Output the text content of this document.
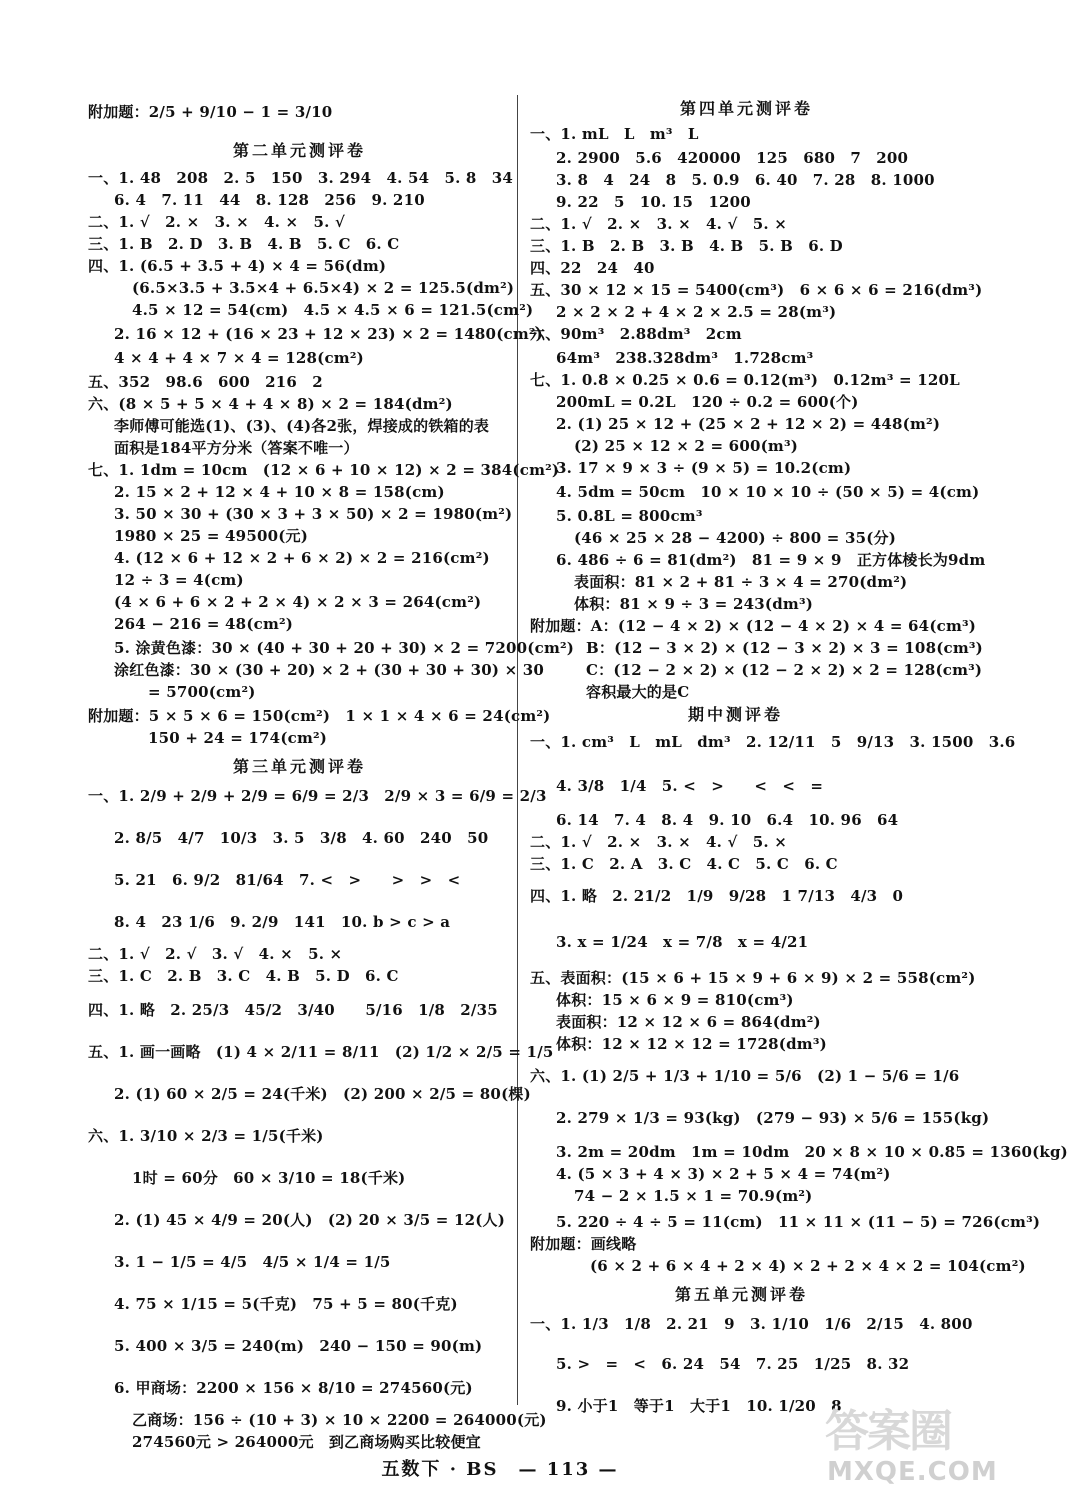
附加题：2/5 + 9/10 − 1 = 3/10
第二单元测评卷
一、1. 48　208　2. 5　150　3. 294　4. 54　5. 8　34
6. 4　7. 11　44　8. 128　256　9. 210
二、1. √　2. ×　3. ×　4. ×　5. √
三、1. B　2. D　3. B　4. B　5. C　6. C
四、1. (6.5 + 3.5 + 4) × 4 = 56(dm)
(6.5×3.5 + 3.5×4 + 6.5×4) × 2 = 125.5(dm²)
4.5 × 12 = 54(cm)　4.5 × 4.5 × 6 = 121.5(cm²)
2. 16 × 12 + (16 × 23 + 12 × 23) × 2 = 1480(cm²)
4 × 4 + 4 × 7 × 4 = 128(cm²)
五、352　98.6　600　216　2
六、(8 × 5 + 5 × 4 + 4 × 8) × 2 = 184(dm²)
李师傅可能选(1)、(3)、(4)各2张，焊接成的铁箱的表
面积是184平方分米（答案不唯一）
七、1. 1dm = 10cm　(12 × 6 + 10 × 12) × 2 = 384(cm²)
2. 15 × 2 + 12 × 4 + 10 × 8 = 158(cm)
3. 50 × 30 + (30 × 3 + 3 × 50) × 2 = 1980(m²)
1980 × 25 = 49500(元)
4. (12 × 6 + 12 × 2 + 6 × 2) × 2 = 216(cm²)
12 ÷ 3 = 4(cm)
(4 × 6 + 6 × 2 + 2 × 4) × 2 × 3 = 264(cm²)
264 − 216 = 48(cm²)
5. 涂黄色漆：30 × (40 + 30 + 20 + 30) × 2 = 7200(cm²)
涂红色漆：30 × (30 + 20) × 2 + (30 + 30 + 30) × 30
= 5700(cm²)
附加题：5 × 5 × 6 = 150(cm²)　1 × 1 × 4 × 6 = 24(cm²)
150 + 24 = 174(cm²)
第三单元测评卷
一、1. 2/9 + 2/9 + 2/9 = 6/9 = 2/3　2/9 × 3 = 6/9 = 2/3
2. 8/5　4/7　10/3　3. 5　3/8　4. 60　240　50
5. 21　6. 9/2　81/64　7. <　>　　>　>　<
8. 4　23 1/6　9. 2/9　141　10. b > c > a
二、1. √　2. √　3. √　4. ×　5. ×
三、1. C　2. B　3. C　4. B　5. D　6. C
四、1. 略　2. 25/3　45/2　3/40　　5/16　1/8　2/35
五、1. 画一画略　(1) 4 × 2/11 = 8/11　(2) 1/2 × 2/5 = 1/5
2. (1) 60 × 2/5 = 24(千米)　(2) 200 × 2/5 = 80(棵)
六、1. 3/10 × 2/3 = 1/5(千米)
1时 = 60分　60 × 3/10 = 18(千米)
2. (1) 45 × 4/9 = 20(人)　(2) 20 × 3/5 = 12(人)
3. 1 − 1/5 = 4/5　4/5 × 1/4 = 1/5
4. 75 × 1/15 = 5(千克)　75 + 5 = 80(千克)
5. 400 × 3/5 = 240(m)　240 − 150 = 90(m)
6. 甲商场：2200 × 156 × 8/10 = 274560(元)
乙商场：156 ÷ (10 + 3) × 10 × 2200 = 264000(元)
274560元 > 264000元　到乙商场购买比较便宜
第四单元测评卷
一、1. mL　L　m³　L
2. 2900　5.6　420000　125　680　7　200
3. 8　4　24　8　5. 0.9　6. 40　7. 28　8. 1000
9. 22　5　10. 15　1200
二、1. √　2. ×　3. ×　4. √　5. ×
三、1. B　2. B　3. B　4. B　5. B　6. D
四、22　24　40
五、30 × 12 × 15 = 5400(cm³)　6 × 6 × 6 = 216(dm³)
2 × 2 × 2 + 4 × 2 × 2.5 = 28(m³)
六、90m³　2.88dm³　2cm
64m³　238.328dm³　1.728cm³
七、1. 0.8 × 0.25 × 0.6 = 0.12(m³)　0.12m³ = 120L
200mL = 0.2L　120 ÷ 0.2 = 600(个)
2. (1) 25 × 12 + (25 × 2 + 12 × 2) = 448(m²)
(2) 25 × 12 × 2 = 600(m³)
3. 17 × 9 × 3 ÷ (9 × 5) = 10.2(cm)
4. 5dm = 50cm　10 × 10 × 10 ÷ (50 × 5) = 4(cm)
5. 0.8L = 800cm³
(46 × 25 × 28 − 4200) ÷ 800 = 35(分)
6. 486 ÷ 6 = 81(dm²)　81 = 9 × 9　正方体棱长为9dm
表面积：81 × 2 + 81 ÷ 3 × 4 = 270(dm²)
体积：81 × 9 ÷ 3 = 243(dm³)
附加题：A：(12 − 4 × 2) × (12 − 4 × 2) × 4 = 64(cm³)
B：(12 − 3 × 2) × (12 − 3 × 2) × 3 = 108(cm³)
C：(12 − 2 × 2) × (12 − 2 × 2) × 2 = 128(cm³)
容积最大的是C
期中测评卷
一、1. cm³　L　mL　dm³　2. 12/11　5　9/13　3. 1500　3.6
4. 3/8　1/4　5. <　>　　<　<　=
6. 14　7. 4　8. 4　9. 10　6.4　10. 96　64
二、1. √　2. ×　3. ×　4. √　5. ×
三、1. C　2. A　3. C　4. C　5. C　6. C
四、1. 略　2. 21/2　1/9　9/28　1 7/13　4/3　0
3. x = 1/24　x = 7/8　x = 4/21
五、表面积：(15 × 6 + 15 × 9 + 6 × 9) × 2 = 558(cm²)
体积：15 × 6 × 9 = 810(cm³)
表面积：12 × 12 × 6 = 864(dm²)
体积：12 × 12 × 12 = 1728(dm³)
六、1. (1) 2/5 + 1/3 + 1/10 = 5/6　(2) 1 − 5/6 = 1/6
2. 279 × 1/3 = 93(kg)　(279 − 93) × 5/6 = 155(kg)
3. 2m = 20dm　1m = 10dm　20 × 8 × 10 × 0.85 = 1360(kg)
4. (5 × 3 + 4 × 3) × 2 + 5 × 4 = 74(m²)
74 − 2 × 1.5 × 1 = 70.9(m²)
5. 220 ÷ 4 ÷ 5 = 11(cm)　11 × 11 × (11 − 5) = 726(cm³)
附加题：画线略
(6 × 2 + 6 × 4 + 2 × 4) × 2 + 2 × 4 × 2 = 104(cm²)
第五单元测评卷
一、1. 1/3　1/8　2. 21　9　3. 1/10　1/6　2/15　4. 800
5. >　=　<　6. 24　54　7. 25　1/25　8. 32
9. 小于1　等于1　大于1　10. 1/20　8
五数下 · BS　— 113 —
答案圈
MXQE.COM
